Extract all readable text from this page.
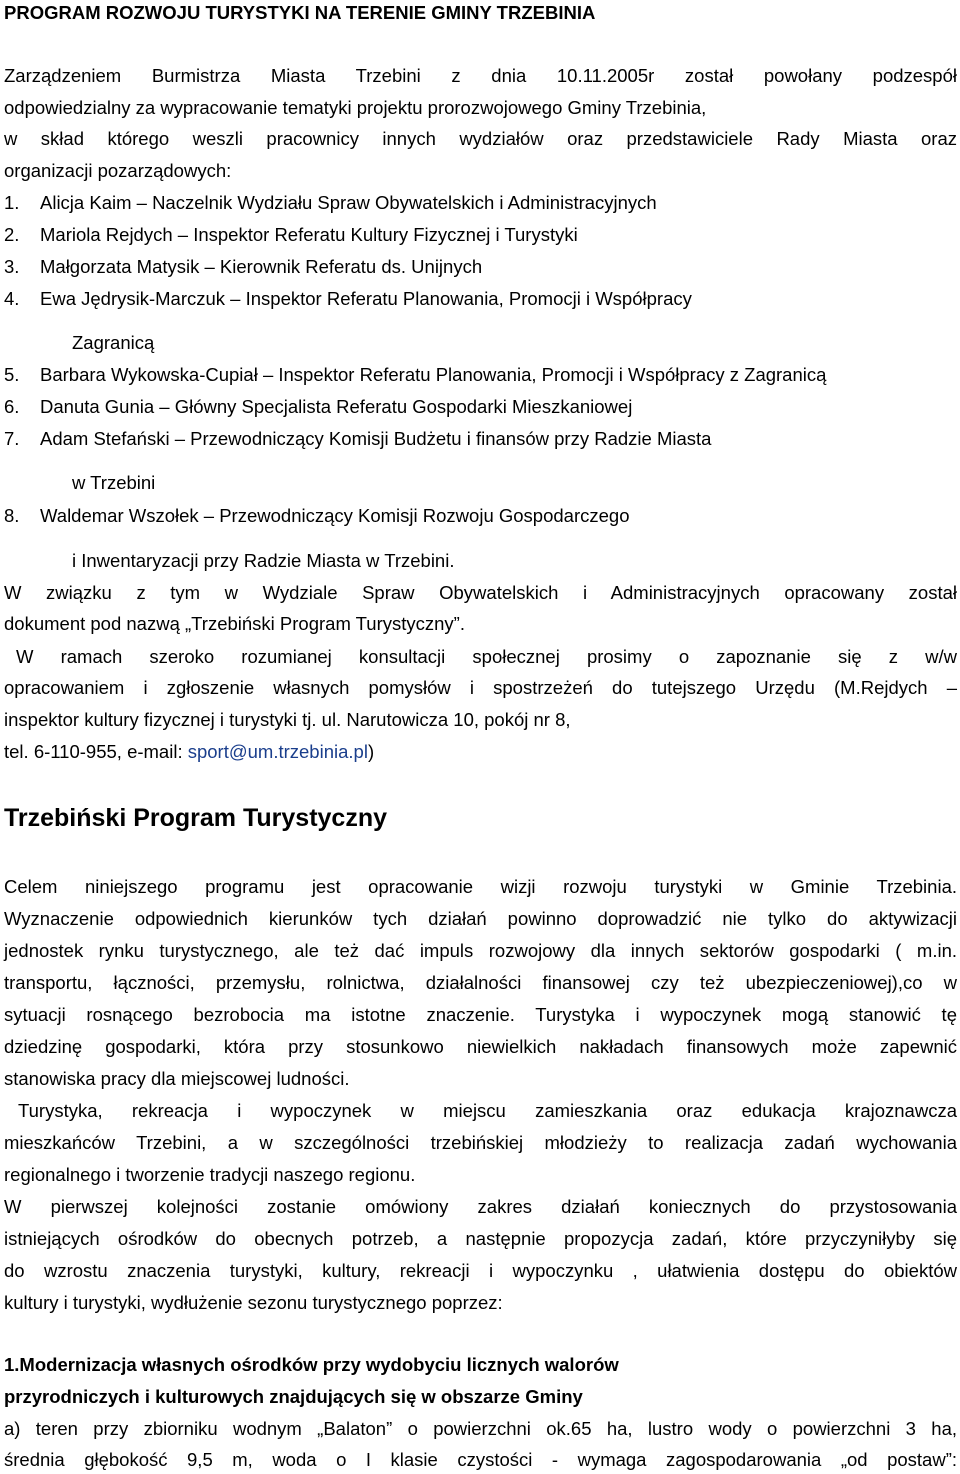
PROGRAM ROZWOJU TURYSTYKI NA TERENIE GMINY TRZEBINIA
Zarządzeniem Burmistrza Miasta Trzebini z dnia 10.11.2005r został powołany podzespół
odpowiedzialny za wypracowanie tematyki projektu prorozwojowego Gminy Trzebinia,
w skład którego weszli pracownicy innych wydziałów oraz przedstawiciele Rady Miasta oraz
organizacji pozarządowych:
1. Alicja Kaim – Naczelnik Wydziału Spraw Obywatelskich i Administracyjnych
2. Mariola Rejdych – Inspektor Referatu Kultury Fizycznej i Turystyki
3. Małgorzata Matysik – Kierownik Referatu ds. Unijnych
4. Ewa Jędrysik-Marczuk – Inspektor Referatu Planowania, Promocji i Współpracy
Zagranicą
5. Barbara Wykowska-Cupiał – Inspektor Referatu Planowania, Promocji i Współpracy z Zagranicą
6. Danuta Gunia – Główny Specjalista Referatu Gospodarki Mieszkaniowej
7. Adam Stefański – Przewodniczący Komisji Budżetu i finansów przy Radzie Miasta
w Trzebini
8. Waldemar Wszołek – Przewodniczący Komisji Rozwoju Gospodarczego
i Inwentaryzacji przy Radzie Miasta w Trzebini.
W związku z tym w Wydziale Spraw Obywatelskich i Administracyjnych opracowany został
dokument pod nazwą „Trzebiński Program Turystyczny”.
W ramach szeroko rozumianej konsultacji społecznej prosimy o zapoznanie się z w/w
opracowaniem i zgłoszenie własnych pomysłów i spostrzeżeń do tutejszego Urzędu (M.Rejdych –
inspektor kultury fizycznej i turystyki tj. ul. Narutowicza 10, pokój nr 8,
tel. 6-110-955, e-mail: sport@um.trzebinia.pl)
Trzebiński Program Turystyczny
Celem niniejszego programu jest opracowanie wizji rozwoju turystyki w Gminie Trzebinia.
Wyznaczenie odpowiednich kierunków tych działań powinno doprowadzić nie tylko do aktywizacji
jednostek rynku turystycznego, ale też dać impuls rozwojowy dla innych sektorów gospodarki ( m.in.
transportu, łączności, przemysłu, rolnictwa, działalności finansowej czy też ubezpieczeniowej),co w
sytuacji rosnącego bezrobocia ma istotne znaczenie. Turystyka i wypoczynek mogą stanowić tę
dziedzinę gospodarki, która przy stosunkowo niewielkich nakładach finansowych może zapewnić
stanowiska pracy dla miejscowej ludności.
Turystyka, rekreacja i wypoczynek w miejscu zamieszkania oraz edukacja krajoznawcza
mieszkańców Trzebini, a w szczególności trzebińskiej młodzieży to realizacja zadań wychowania
regionalnego i tworzenie tradycji naszego regionu.
W pierwszej kolejności zostanie omówiony zakres działań koniecznych do przystosowania
istniejących ośrodków do obecnych potrzeb, a następnie propozycja zadań, które przyczyniłyby się
do wzrostu znaczenia turystyki, kultury, rekreacji i wypoczynku , ułatwienia dostępu do obiektów
kultury i turystyki, wydłużenie sezonu turystycznego poprzez:
1.Modernizacja własnych ośrodków przy wydobyciu licznych walorów
przyrodniczych i kulturowych znajdujących się w obszarze Gminy
a) teren przy zbiorniku wodnym „Balaton” o powierzchni ok.65 ha, lustro wody o powierzchni 3 ha,
średnia głębokość 9,5 m, woda o I klasie czystości - wymaga zagospodarowania „od postaw”:
